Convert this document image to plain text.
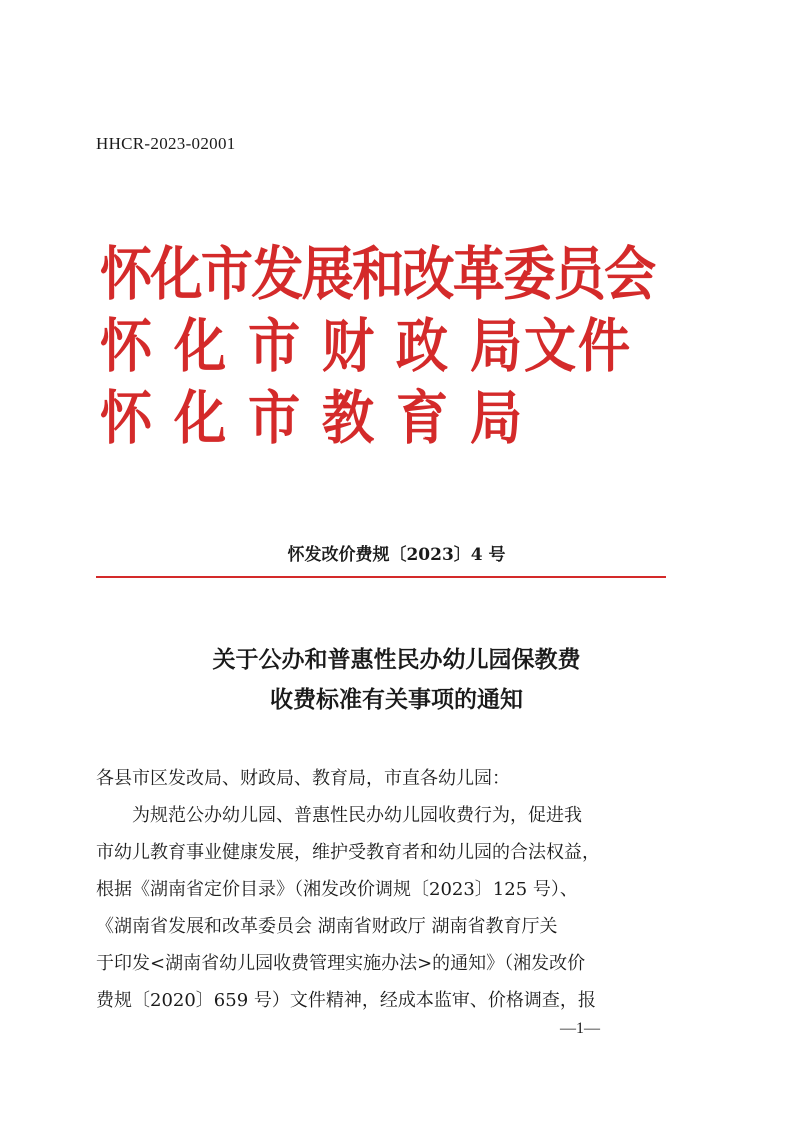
HHCR-2023-02001
怀化市发展和改革委员会
怀 化 市 财 政 局文件
怀 化 市 教 育 局
怀发改价费规〔2023〕4 号
关于公办和普惠性民办幼儿园保教费
收费标准有关事项的通知
各县市区发改局、财政局、教育局，市直各幼儿园：
为规范公办幼儿园、普惠性民办幼儿园收费行为，促进我
市幼儿教育事业健康发展，维护受教育者和幼儿园的合法权益，
根据《湖南省定价目录》（湘发改价调规〔2023〕125 号）、
《湖南省发展和改革委员会 湖南省财政厅 湖南省教育厅关
于印发<湖南省幼儿园收费管理实施办法>的通知》（湘发改价
费规〔2020〕659 号）文件精神，经成本监审、价格调查，报
—1—
